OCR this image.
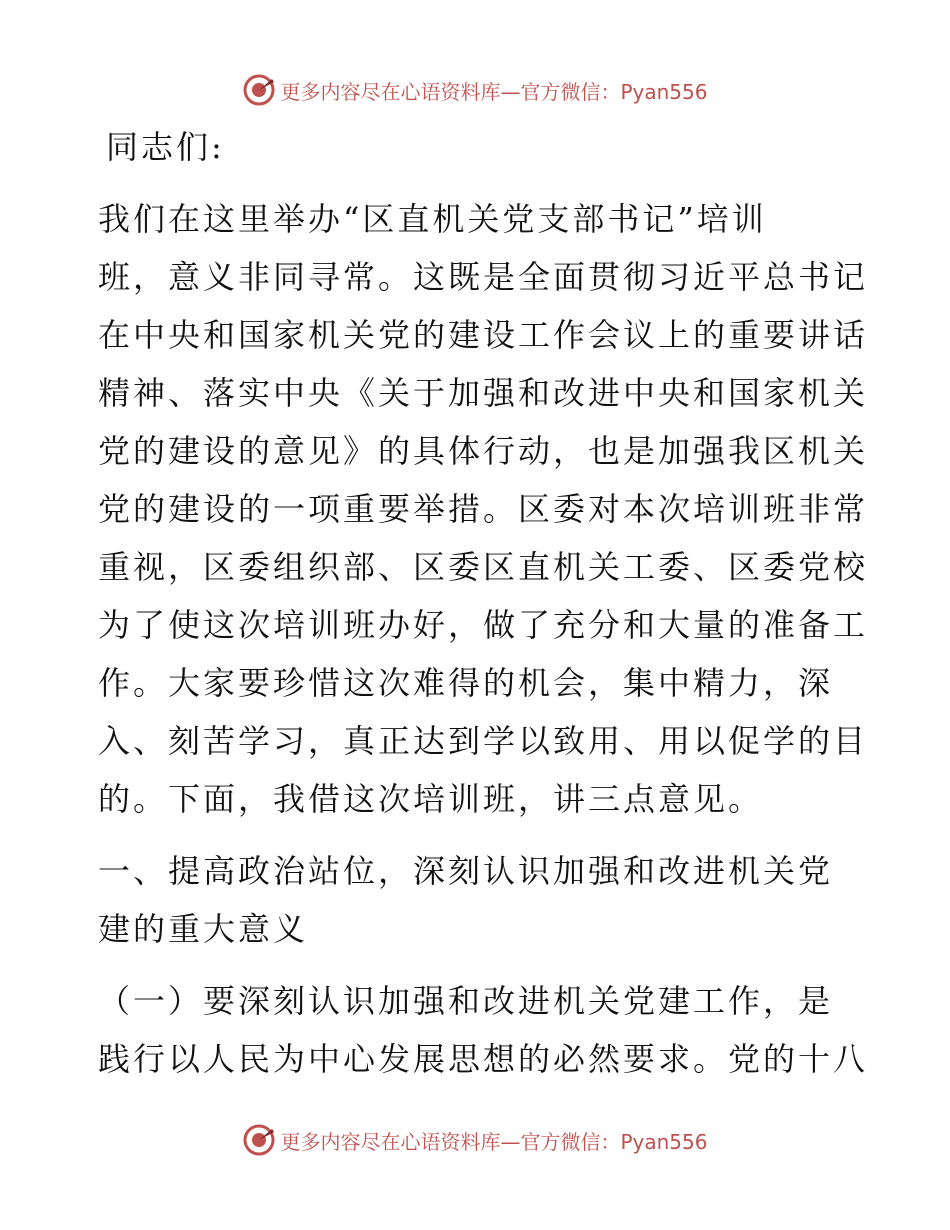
更多内容尽在心语资料库—官方微信：Pyan556
同志们:
我们在这里举办“区直机关党支部书记”培训
班，意义非同寻常。这既是全面贯彻习近平总书记
在中央和国家机关党的建设工作会议上的重要讲话
精神、落实中央《关于加强和改进中央和国家机关
党的建设的意见》的具体行动，也是加强我区机关
党的建设的一项重要举措。区委对本次培训班非常
重视，区委组织部、区委区直机关工委、区委党校
为了使这次培训班办好，做了充分和大量的准备工
作。大家要珍惜这次难得的机会，集中精力，深
入、刻苦学习，真正达到学以致用、用以促学的目
的。下面，我借这次培训班，讲三点意见。
一、提高政治站位，深刻认识加强和改进机关党
建的重大意义
（一）要深刻认识加强和改进机关党建工作，是
践行以人民为中心发展思想的必然要求。党的十八
更多内容尽在心语资料库—官方微信：Pyan556
